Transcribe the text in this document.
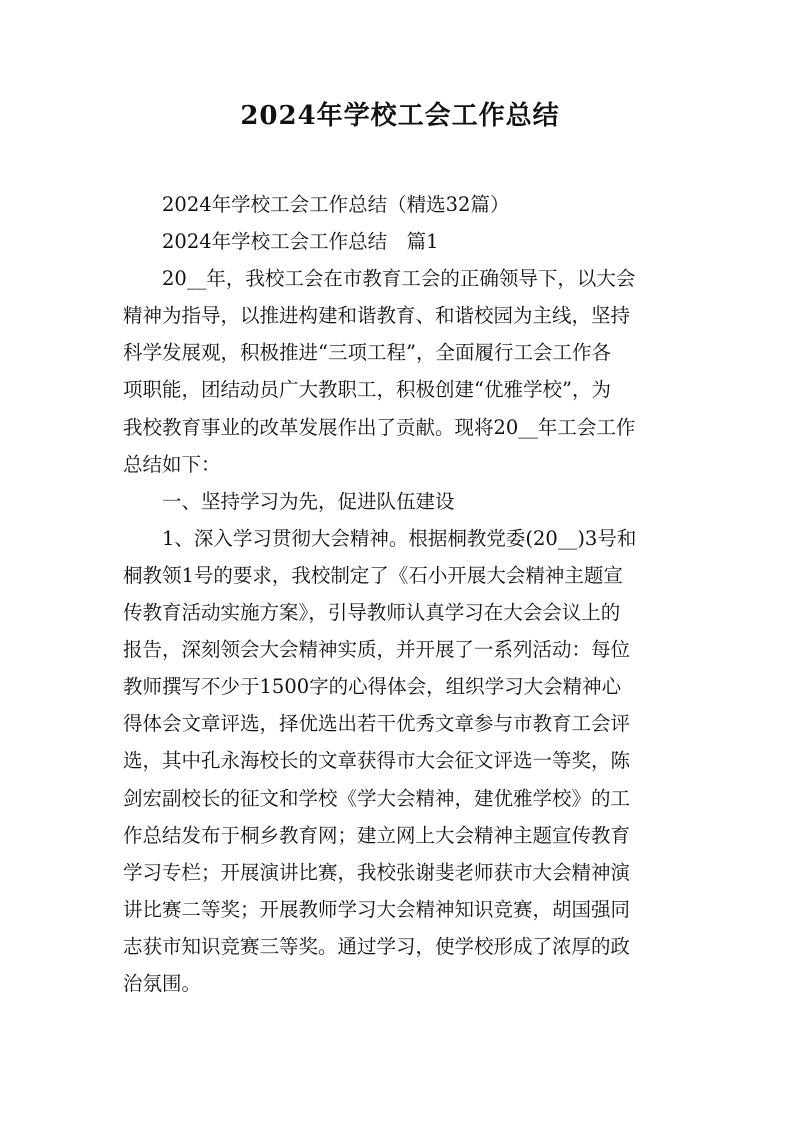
2024年学校工会工作总结
2024年学校工会工作总结（精选32篇）
2024年学校工会工作总结　篇1
20__年，我校工会在市教育工会的正确领导下，以大会
精神为指导，以推进构建和谐教育、和谐校园为主线，坚持
科学发展观，积极推进“三项工程”，全面履行工会工作各
项职能，团结动员广大教职工，积极创建“优雅学校”，为
我校教育事业的改革发展作出了贡献。现将20__年工会工作
总结如下：
一、坚持学习为先，促进队伍建设
1、深入学习贯彻大会精神。根据桐教党委(20__)3号和
桐教领1号的要求，我校制定了《石小开展大会精神主题宣
传教育活动实施方案》，引导教师认真学习在大会会议上的
报告，深刻领会大会精神实质，并开展了一系列活动：每位
教师撰写不少于1500字的心得体会，组织学习大会精神心
得体会文章评选，择优选出若干优秀文章参与市教育工会评
选，其中孔永海校长的文章获得市大会征文评选一等奖，陈
剑宏副校长的征文和学校《学大会精神，建优雅学校》的工
作总结发布于桐乡教育网；建立网上大会精神主题宣传教育
学习专栏；开展演讲比赛，我校张谢斐老师获市大会精神演
讲比赛二等奖；开展教师学习大会精神知识竞赛，胡国强同
志获市知识竞赛三等奖。通过学习，使学校形成了浓厚的政
治氛围。
